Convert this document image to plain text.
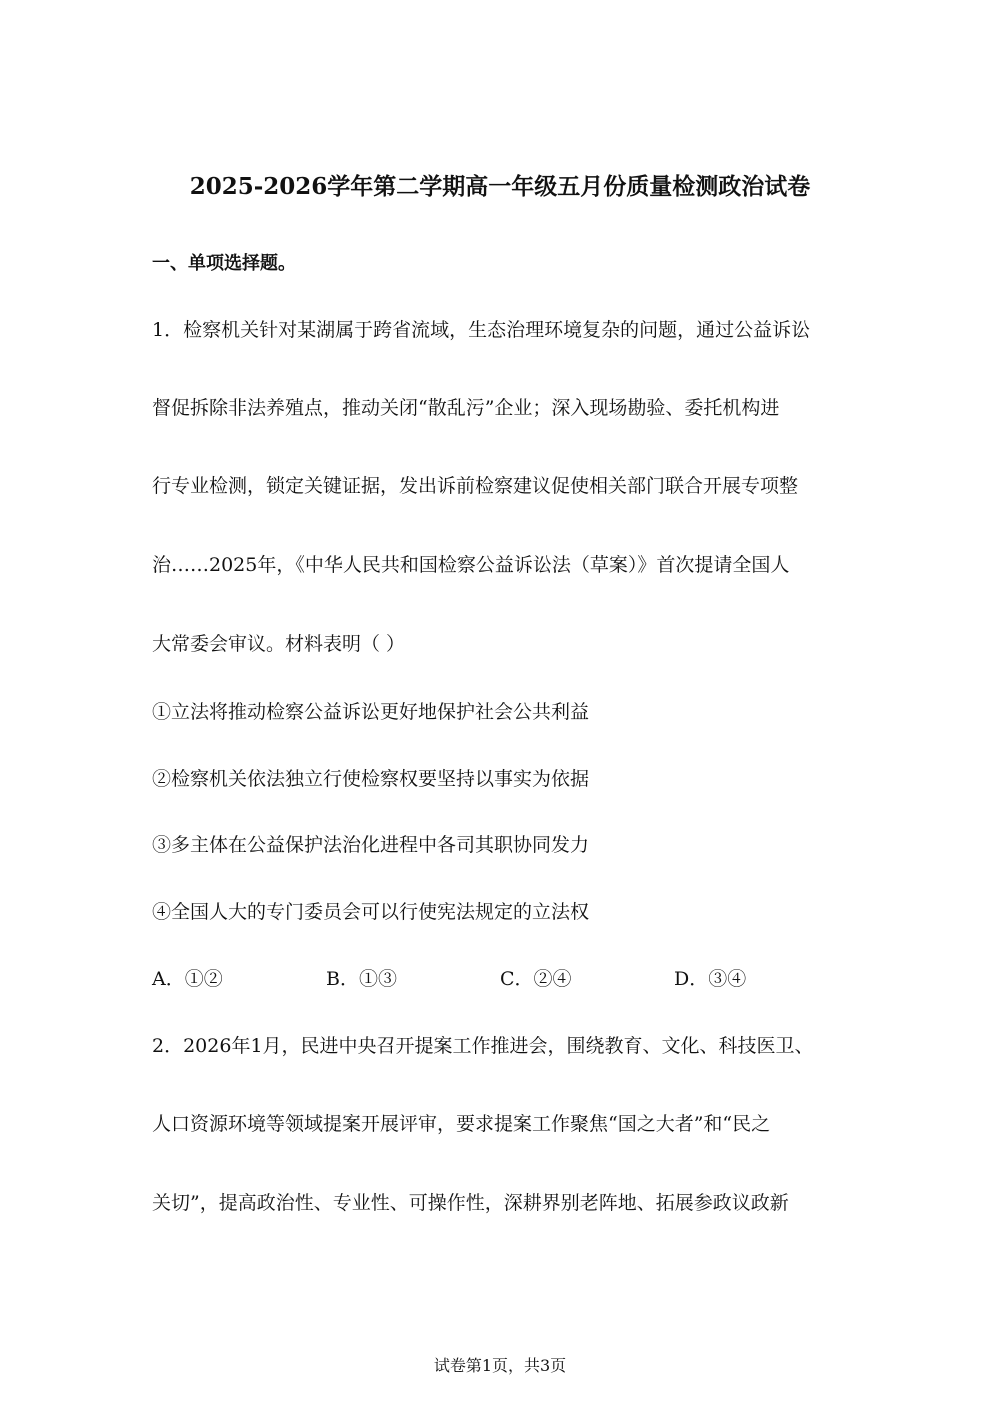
2025-2026学年第二学期高一年级五月份质量检测政治试卷
一、单项选择题。
1．检察机关针对某湖属于跨省流域，生态治理环境复杂的问题，通过公益诉讼
督促拆除非法养殖点，推动关闭“散乱污”企业；深入现场勘验、委托机构进
行专业检测，锁定关键证据，发出诉前检察建议促使相关部门联合开展专项整
治……2025年，《中华人民共和国检察公益诉讼法（草案）》首次提请全国人
大常委会审议。材料表明（ ）
①立法将推动检察公益诉讼更好地保护社会公共利益
②检察机关依法独立行使检察权要坚持以事实为依据
③多主体在公益保护法治化进程中各司其职协同发力
④全国人大的专门委员会可以行使宪法规定的立法权
A．①②	B．①③	C．②④	D．③④
2．2026年1月，民进中央召开提案工作推进会，围绕教育、文化、科技医卫、
人口资源环境等领域提案开展评审，要求提案工作聚焦“国之大者”和“民之
关切”，提高政治性、专业性、可操作性，深耕界别老阵地、拓展参政议政新
试卷第1页，共3页
